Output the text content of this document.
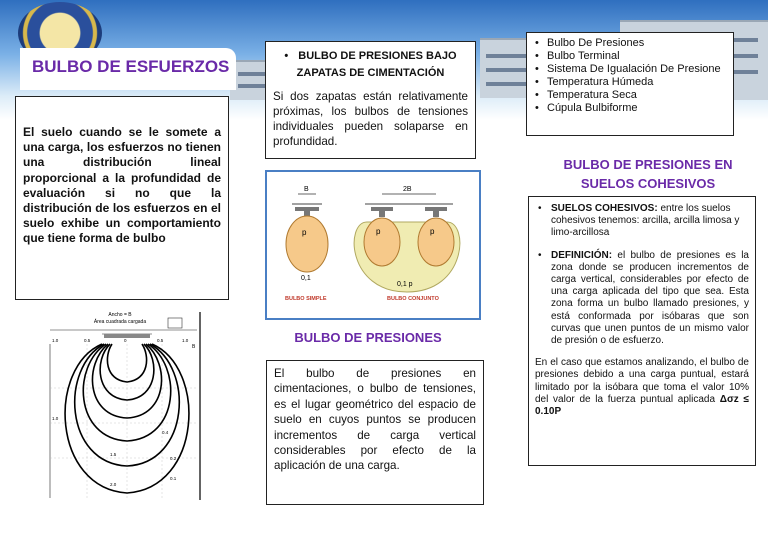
BULBO DE ESFUERZOS
El suelo cuando se le somete a una carga, los esfuerzos no tienen una distribución lineal proporcional a la profundidad de evaluación si no que la distribución de los esfuerzos en el suelo exhibe un comportamiento que tiene forma de bulbo
Ancho = B
Área cuadrada cargada
1.0	0.5	0	0.5	1.0
B
1.0
1.5
2.0
0.1
0.2
0.4
• BULBO DE PRESIONES BAJO ZAPATAS DE CIMENTACIÓN
Si dos zapatas están relativamente próximas, los bulbos de tensiones individuales pueden solaparse en profundidad.
B
p
0,1
BULBO SIMPLE
2B
p	p
0,1 p
BULBO CONJUNTO
BULBO DE PRESIONES
El bulbo de presiones en cimentaciones, o bulbo de tensiones, es el lugar geométrico del espacio de suelo en cuyos puntos se producen incrementos de carga vertical considerables por efecto de la aplicación de una carga.
• Bulbo De Presiones
• Bulbo Terminal
• Sistema De Igualación De Presione
• Temperatura Húmeda
• Temperatura Seca
• Cúpula Bulbiforme
BULBO DE PRESIONES EN SUELOS COHESIVOS
• SUELOS COHESIVOS: entre los suelos cohesivos tenemos: arcilla, arcilla limosa y limo-arcillosa
• DEFINICIÓN: el bulbo de presiones es la zona donde se producen incrementos de carga vertical, considerables por efecto de una carga aplicada del tipo que sea. Esta zona forma un bulbo llamado presiones, y está conformada por isóbaras que son curvas que unen puntos de un mismo valor de presión o de esfuerzo.
En el caso que estamos analizando, el bulbo de presiones debido a una carga puntual, estará limitado por la isóbara que toma el valor 10% del valor de la fuerza puntual aplicada Δσz ≤ 0.10P
